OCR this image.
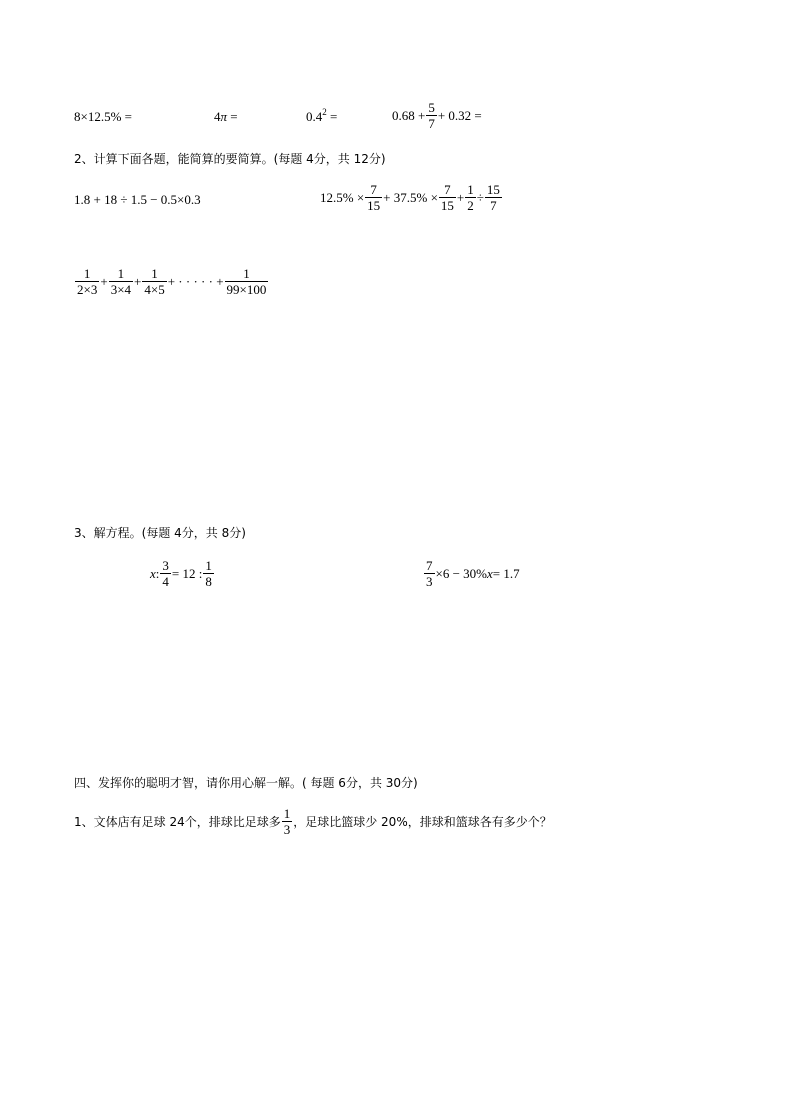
8×12.5% =	4π =	$0.4^2$ =	$0.68 + \frac{5}{7} + 0.32$ =
2、计算下面各题，能简算的要简算。(每题 4分，共 12分)
1.8 + 18 ÷ 1.5 − 0.5×0.3	$12.5\% \times \frac{7}{15} + 37.5\% \times \frac{7}{15} + \frac{1}{2} \div \frac{15}{7}$
$\frac{1}{2\times 3} + \frac{1}{3\times 4} + \frac{1}{4\times 5}$ + · · · · · + $\frac{1}{99\times 100}$
3、解方程。(每题 4分，共 8分)
x : $\frac{3}{4} = 12$ : $\frac{1}{8}$	$\frac{7}{3} \times 6 - 30\%$ x = 1.7
四、发挥你的聪明才智，请你用心解一解。( 每题 6分，共 30分)
1、文体店有足球 24个，排球比足球多 $\frac{1}{3}$ ，足球比篮球少 20%，排球和篮球各有多少个？
